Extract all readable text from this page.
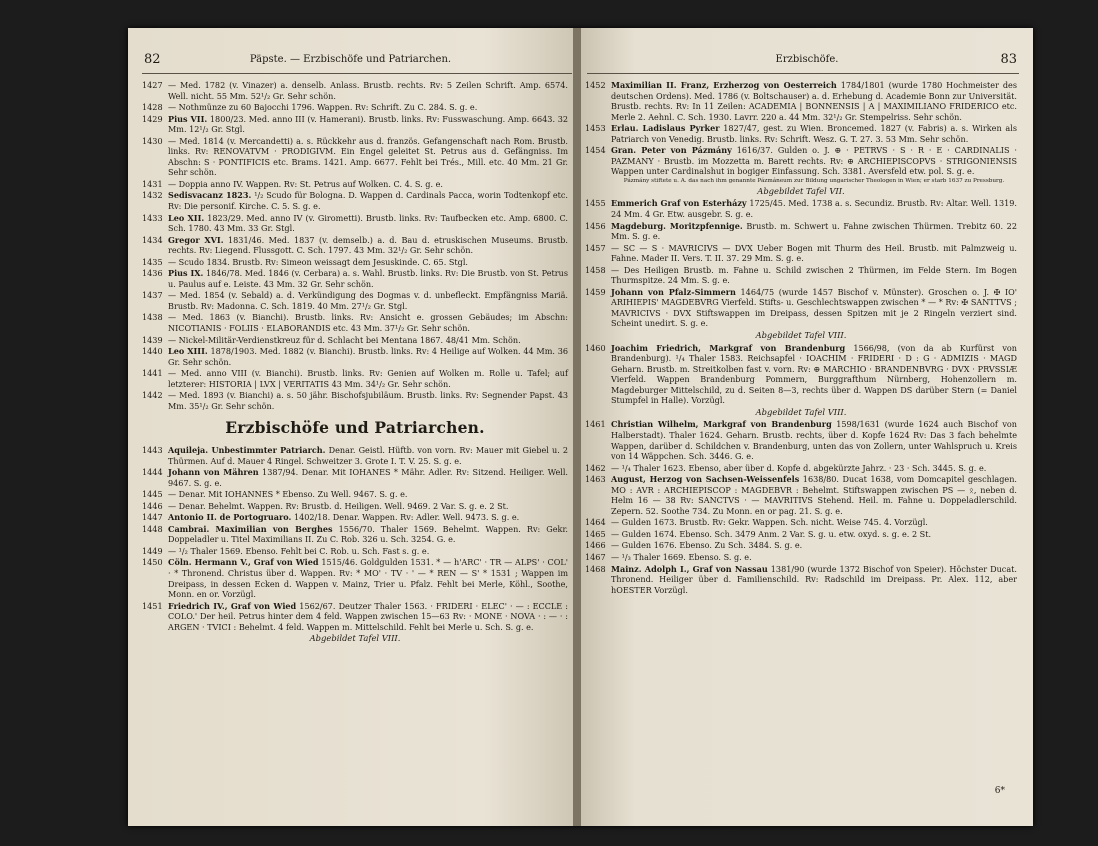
82	Päpste. — Erzbischöfe und Patriarchen.
1427 — Med. 1782 (v. Vinazer) a. denselb. Anlass. Brustb. rechts. Rv: 5 Zeilen Schrift. Amp. 6574. Well. nicht. 55 Mm. 52¹/₂ Gr. Sehr schön.
1428 — Nothmünze zu 60 Bajocchi 1796. Wappen. Rv: Schrift. Zu C. 284. S. g. e.
1429 Pius VII. 1800/23. Med. anno III (v. Hamerani). Brustb. links. Rv: Fusswaschung. Amp. 6643. 32 Mm. 12¹/₂ Gr. Stgl.
1430 — Med. 1814 (v. Mercandetti) a. s. Rückkehr aus d. französ. Gefangenschaft nach Rom. Brustb. links. Rv: RENOVATVM · PRODIGIVM. Ein Engel geleitet St. Petrus aus d. Gefängniss. Im Abschn: S · PONTIFICIS etc. Brams. 1421. Amp. 6677. Fehlt bei Trés., Mill. etc. 40 Mm. 21 Gr. Sehr schön.
1431 — Doppia anno IV. Wappen. Rv: St. Petrus auf Wolken. C. 4. S. g. e.
1432 Sedisvacanz 1823. ¹/₂ Scudo für Bologna. D. Wappen d. Cardinals Pacca, worin Todtenkopf etc. Rv: Die personif. Kirche. C. 5. S. g. e.
1433 Leo XII. 1823/29. Med. anno IV (v. Girometti). Brustb. links. Rv: Taufbecken etc. Amp. 6800. C. Sch. 1780. 43 Mm. 33 Gr. Stgl.
1434 Gregor XVI. 1831/46. Med. 1837 (v. demselb.) a. d. Bau d. etruskischen Museums. Brustb. rechts. Rv: Liegend. Flussgott. C. Sch. 1797. 43 Mm. 32¹/₂ Gr. Sehr schön.
1435 — Scudo 1834. Brustb. Rv: Simeon weissagt dem Jesuskinde. C. 65. Stgl.
1436 Pius IX. 1846/78. Med. 1846 (v. Cerbara) a. s. Wahl. Brustb. links. Rv: Die Brustb. von St. Petrus u. Paulus auf e. Leiste. 43 Mm. 32 Gr. Sehr schön.
1437 — Med. 1854 (v. Sebald) a. d. Verkündigung des Dogmas v. d. unbefleckt. Empfängniss Mariä. Brustb. Rv: Madonna. C. Sch. 1819. 40 Mm. 27¹/₂ Gr. Stgl.
1438 — Med. 1863 (v. Bianchi). Brustb. links. Rv: Ansicht e. grossen Gebäudes; im Abschn: NICOTIANIS · FOLIIS · ELABORANDIS etc. 43 Mm. 37¹/₂ Gr. Sehr schön.
1439 — Nickel-Militär-Verdienstkreuz für d. Schlacht bei Mentana 1867. 48/41 Mm. Schön.
1440 Leo XIII. 1878/1903. Med. 1882 (v. Bianchi). Brustb. links. Rv: 4 Heilige auf Wolken. 44 Mm. 36 Gr. Sehr schön.
1441 — Med. anno VIII (v. Bianchi). Brustb. links. Rv: Genien auf Wolken m. Rolle u. Tafel; auf letzterer: HISTORIA | LVX | VERITATIS 43 Mm. 34¹/₂ Gr. Sehr schön.
1442 — Med. 1893 (v. Bianchi) a. s. 50 jähr. Bischofsjubiläum. Brustb. links. Rv: Segnender Papst. 43 Mm. 35¹/₂ Gr. Sehr schön.
Erzbischöfe und Patriarchen.
1443 Aquileja. Unbestimmter Patriarch. Denar. Geistl. Hüftb. von vorn. Rv: Mauer mit Giebel u. 2 Thürmen. Auf d. Mauer 4 Ringel. Schweitzer 3. Grote I. T. V. 25. S. g. e.
1444 Johann von Mähren 1387/94. Denar. Mit IOHANES * Mähr. Adler. Rv: Sitzend. Heiliger. Well. 9467. S. g. e.
1445 — Denar. Mit IOHANNES * Ebenso. Zu Well. 9467. S. g. e.
1446 — Denar. Behelmt. Wappen. Rv: Brustb. d. Heiligen. Well. 9469. 2 Var. S. g. e. 2 St.
1447 Antonio II. de Portogruaro. 1402/18. Denar. Wappen. Rv: Adler. Well. 9473. S. g. e.
1448 Cambrai. Maximilian von Berghes 1556/70. Thaler 1569. Behelmt. Wappen. Rv: Gekr. Doppeladler u. Titel Maximilians II. Zu C. Rob. 326 u. Sch. 3254. G. e.
1449 — ¹/₂ Thaler 1569. Ebenso. Fehlt bei C. Rob. u. Sch. Fast s. g. e.
1450 Cöln. Hermann V., Graf von Wied 1515/46. Goldgulden 1531. * — h'ARC' · TR — ALPS' · COL' · * Thronend. Christus über d. Wappen. Rv: * MO' · TV · ' — * REN — S' * 1531 ; Wappen im Dreipass, in dessen Ecken d. Wappen v. Mainz, Trier u. Pfalz. Fehlt bei Merle, Köhl., Soothe, Monn. en or. Vorzügl.
1451 Friedrich IV., Graf von Wied 1562/67. Deutzer Thaler 1563. · FRIDERI · ELEC' · — : ECCLE : COLO.' Der heil. Petrus hinter dem 4 feld. Wappen zwischen 15—63 Rv: · MONE · NOVA · : — · : ARGEN · TVICI : Behelmt. 4 feld. Wappen m. Mittelschild. Fehlt bei Merle u. Sch. S. g. e.
Abgebildet Tafel VIII.
83
Erzbischöfe.
1452 Maximilian II. Franz, Erzherzog von Oesterreich 1784/1801 (wurde 1780 Hochmeister des deutschen Ordens). Med. 1786 (v. Boltschauser) a. d. Erhebung d. Academie Bonn zur Universität. Brustb. rechts. Rv: In 11 Zeilen: ACADEMIA | BONNENSIS | A | MAXIMILIANO FRIDERICO etc. Merle 2. Aehnl. C. Sch. 1930. Lavrr. 220 a. 44 Mm. 32¹/₂ Gr. Stempelriss. Sehr schön.
1453 Erlau. Ladislaus Pyrker 1827/47, gest. zu Wien. Broncemed. 1827 (v. Fabris) a. s. Wirken als Patriarch von Venedig. Brustb. links. Rv: Schrift. Wesz. G. T. 27. 3. 53 Mm. Sehr schön.
1454 Gran. Peter von Pázmány 1616/37. Gulden o. J. ⊕ · PETRVS · S · R · E · CARDINALIS · PAZMANY · Brustb. im Mozzetta m. Barett rechts. Rv: ⊕ ARCHIEPISCOPVS · STRIGONIENSIS Wappen unter Cardinalshut in bogiger Einfassung. Sch. 3381. Aversfeld etw. pol. S. g. e.
Pázmány stiftete u. A. das nach ihm genannte Pázmáneum zur Bildung ungarischer Theologen in Wien; er starb 1637 zu Pressburg.
Abgebildet Tafel VII.
1455 Emmerich Graf von Esterházy 1725/45. Med. 1738 a. s. Secundiz. Brustb. Rv: Altar. Well. 1319. 24 Mm. 4 Gr. Etw. ausgebr. S. g. e.
1456 Magdeburg. Moritzpfennige. Brustb. m. Schwert u. Fahne zwischen Thürmen. Trebitz 60. 22 Mm. S. g. e.
1457 — SC — S · MAVRICIVS — DVX Ueber Bogen mit Thurm des Heil. Brustb. mit Palmzweig u. Fahne. Mader II. Vers. T. II. 37. 29 Mm. S. g. e.
1458 — Des Heiligen Brustb. m. Fahne u. Schild zwischen 2 Thürmen, im Felde Stern. Im Bogen Thurmspitze. 24 Mm. S. g. e.
1459 Johann von Pfalz-Simmern 1464/75 (wurde 1457 Bischof v. Münster). Groschen o. J. ✠ IO' ARIHIEPIS' MAGDEBVRG Vierfeld. Stifts- u. Geschlechtswappen zwischen * — * Rv: ✠ SANTTVS ; MAVRICIVS · DVX Stiftswappen im Dreipass, dessen Spitzen mit je 2 Ringeln verziert sind. Scheint unedirt. S. g. e.
Abgebildet Tafel VIII.
1460 Joachim Friedrich, Markgraf von Brandenburg 1566/98, (von da ab Kurfürst von Brandenburg). ¹/₄ Thaler 1583. Reichsapfel · IOACHIM · FRIDERI · D : G · ADMIZIS · MAGD Geharn. Brustb. m. Streitkolben fast v. vorn. Rv: ⊕ MARCHIO · BRANDENBVRG · DVX · PRVSSIÆ Vierfeld. Wappen Brandenburg Pommern, Burggrafthum Nürnberg, Hohenzollern m. Magdeburger Mittelschild, zu d. Seiten 8—3, rechts über d. Wappen DS darüber Stern (= Daniel Stumpfel in Halle). Vorzügl.
Abgebildet Tafel VIII.
1461 Christian Wilhelm, Markgraf von Brandenburg 1598/1631 (wurde 1624 auch Bischof von Halberstadt). Thaler 1624. Geharn. Brustb. rechts, über d. Kopfe 1624 Rv: Das 3 fach behelmte Wappen, darüber d. Schildchen v. Brandenburg, unten das von Zollern, unter Wahlspruch u. Kreis von 14 Wäppchen. Sch. 3446. G. e.
1462 — ¹/₄ Thaler 1623. Ebenso, aber über d. Kopfe d. abgekürzte Jahrz. · 23 · Sch. 3445. S. g. e.
1463 August, Herzog von Sachsen-Weissenfels 1638/80. Ducat 1638, vom Domcapitel geschlagen. MO : AVR : ARCHIEPISCOP : MAGDEBVR : Behelmt. Stiftswappen zwischen PS — ᛟ, neben d. Helm 16 — 38 Rv: SANCTVS · — MAVRITIVS Stehend. Heil. m. Fahne u. Doppeladlerschild. Zepern. 52. Soothe 734. Zu Monn. en or pag. 21. S. g. e.
1464 — Gulden 1673. Brustb. Rv: Gekr. Wappen. Sch. nicht. Weise 745. 4. Vorzügl.
1465 — Gulden 1674. Ebenso. Sch. 3479 Anm. 2 Var. S. g. u. etw. oxyd. s. g. e. 2 St.
1466 — Gulden 1676. Ebenso. Zu Sch. 3484. S. g. e.
1467 — ¹/₃ Thaler 1669. Ebenso. S. g. e.
1468 Mainz. Adolph I., Graf von Nassau 1381/90 (wurde 1372 Bischof von Speier). Höchster Ducat. Thronend. Heiliger über d. Familienschild. Rv: Radschild im Dreipass. Pr. Alex. 112, aber hOESTER Vorzügl.
6*
